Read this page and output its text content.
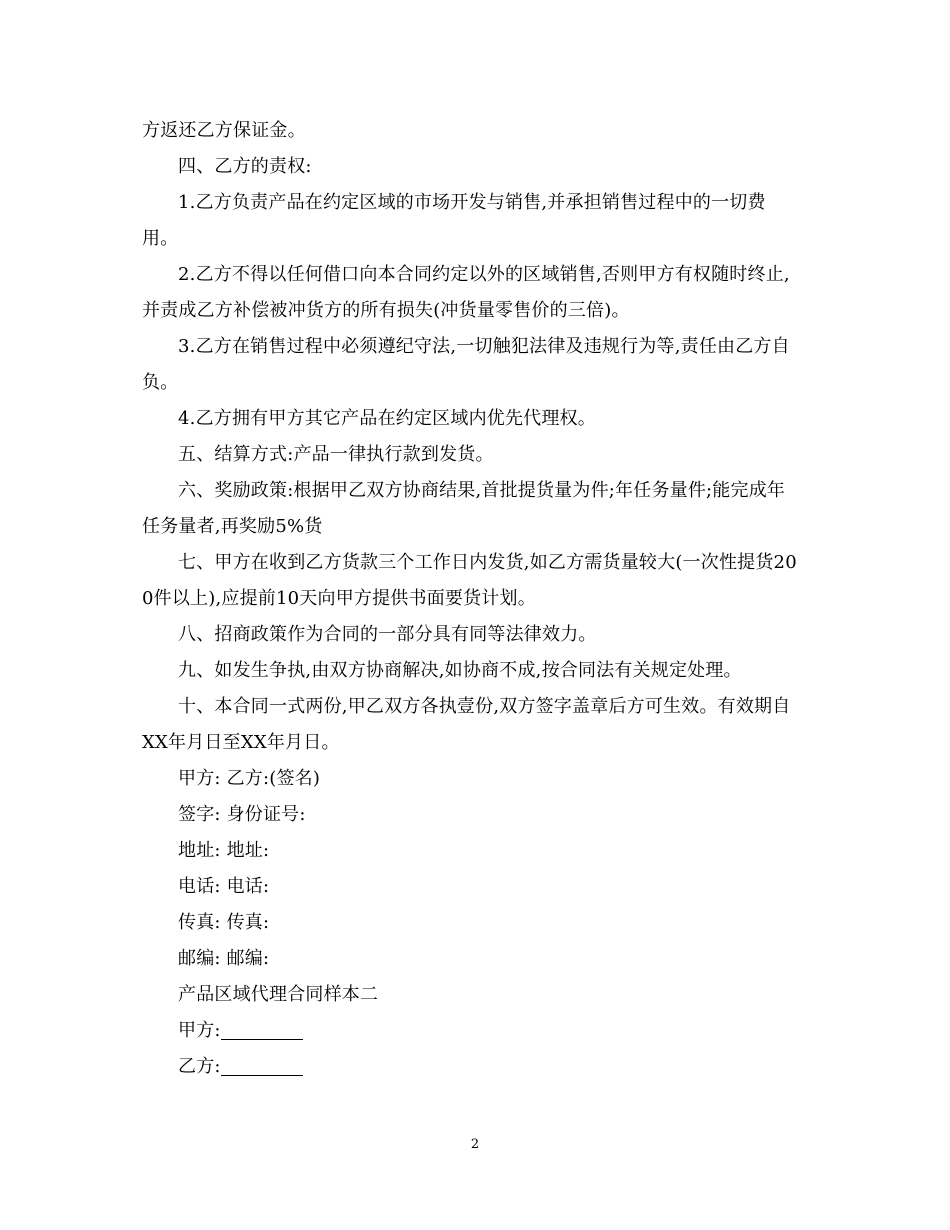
方返还乙方保证金。

四、乙方的责权:

1.乙方负责产品在约定区域的市场开发与销售,并承担销售过程中的一切费用。

2.乙方不得以任何借口向本合同约定以外的区域销售,否则甲方有权随时终止,并责成乙方补偿被冲货方的所有损失(冲货量零售价的三倍)。

3.乙方在销售过程中必须遵纪守法,一切触犯法律及违规行为等,责任由乙方自负。

4.乙方拥有甲方其它产品在约定区域内优先代理权。

五、结算方式:产品一律执行款到发货。

六、奖励政策:根据甲乙双方协商结果,首批提货量为件;年任务量件;能完成年任务量者,再奖励5%货

七、甲方在收到乙方货款三个工作日内发货,如乙方需货量较大(一次性提货200件以上),应提前10天向甲方提供书面要货计划。

八、招商政策作为合同的一部分具有同等法律效力。

九、如发生争执,由双方协商解决,如协商不成,按合同法有关规定处理。

十、本合同一式两份,甲乙双方各执壹份,双方签字盖章后方可生效。有效期自XX年月日至XX年月日。

甲方: 乙方:(签名)

签字: 身份证号:

地址: 地址:

电话: 电话:

传真: 传真:

邮编: 邮编:

产品区域代理合同样本二

甲方:

乙方:

2
